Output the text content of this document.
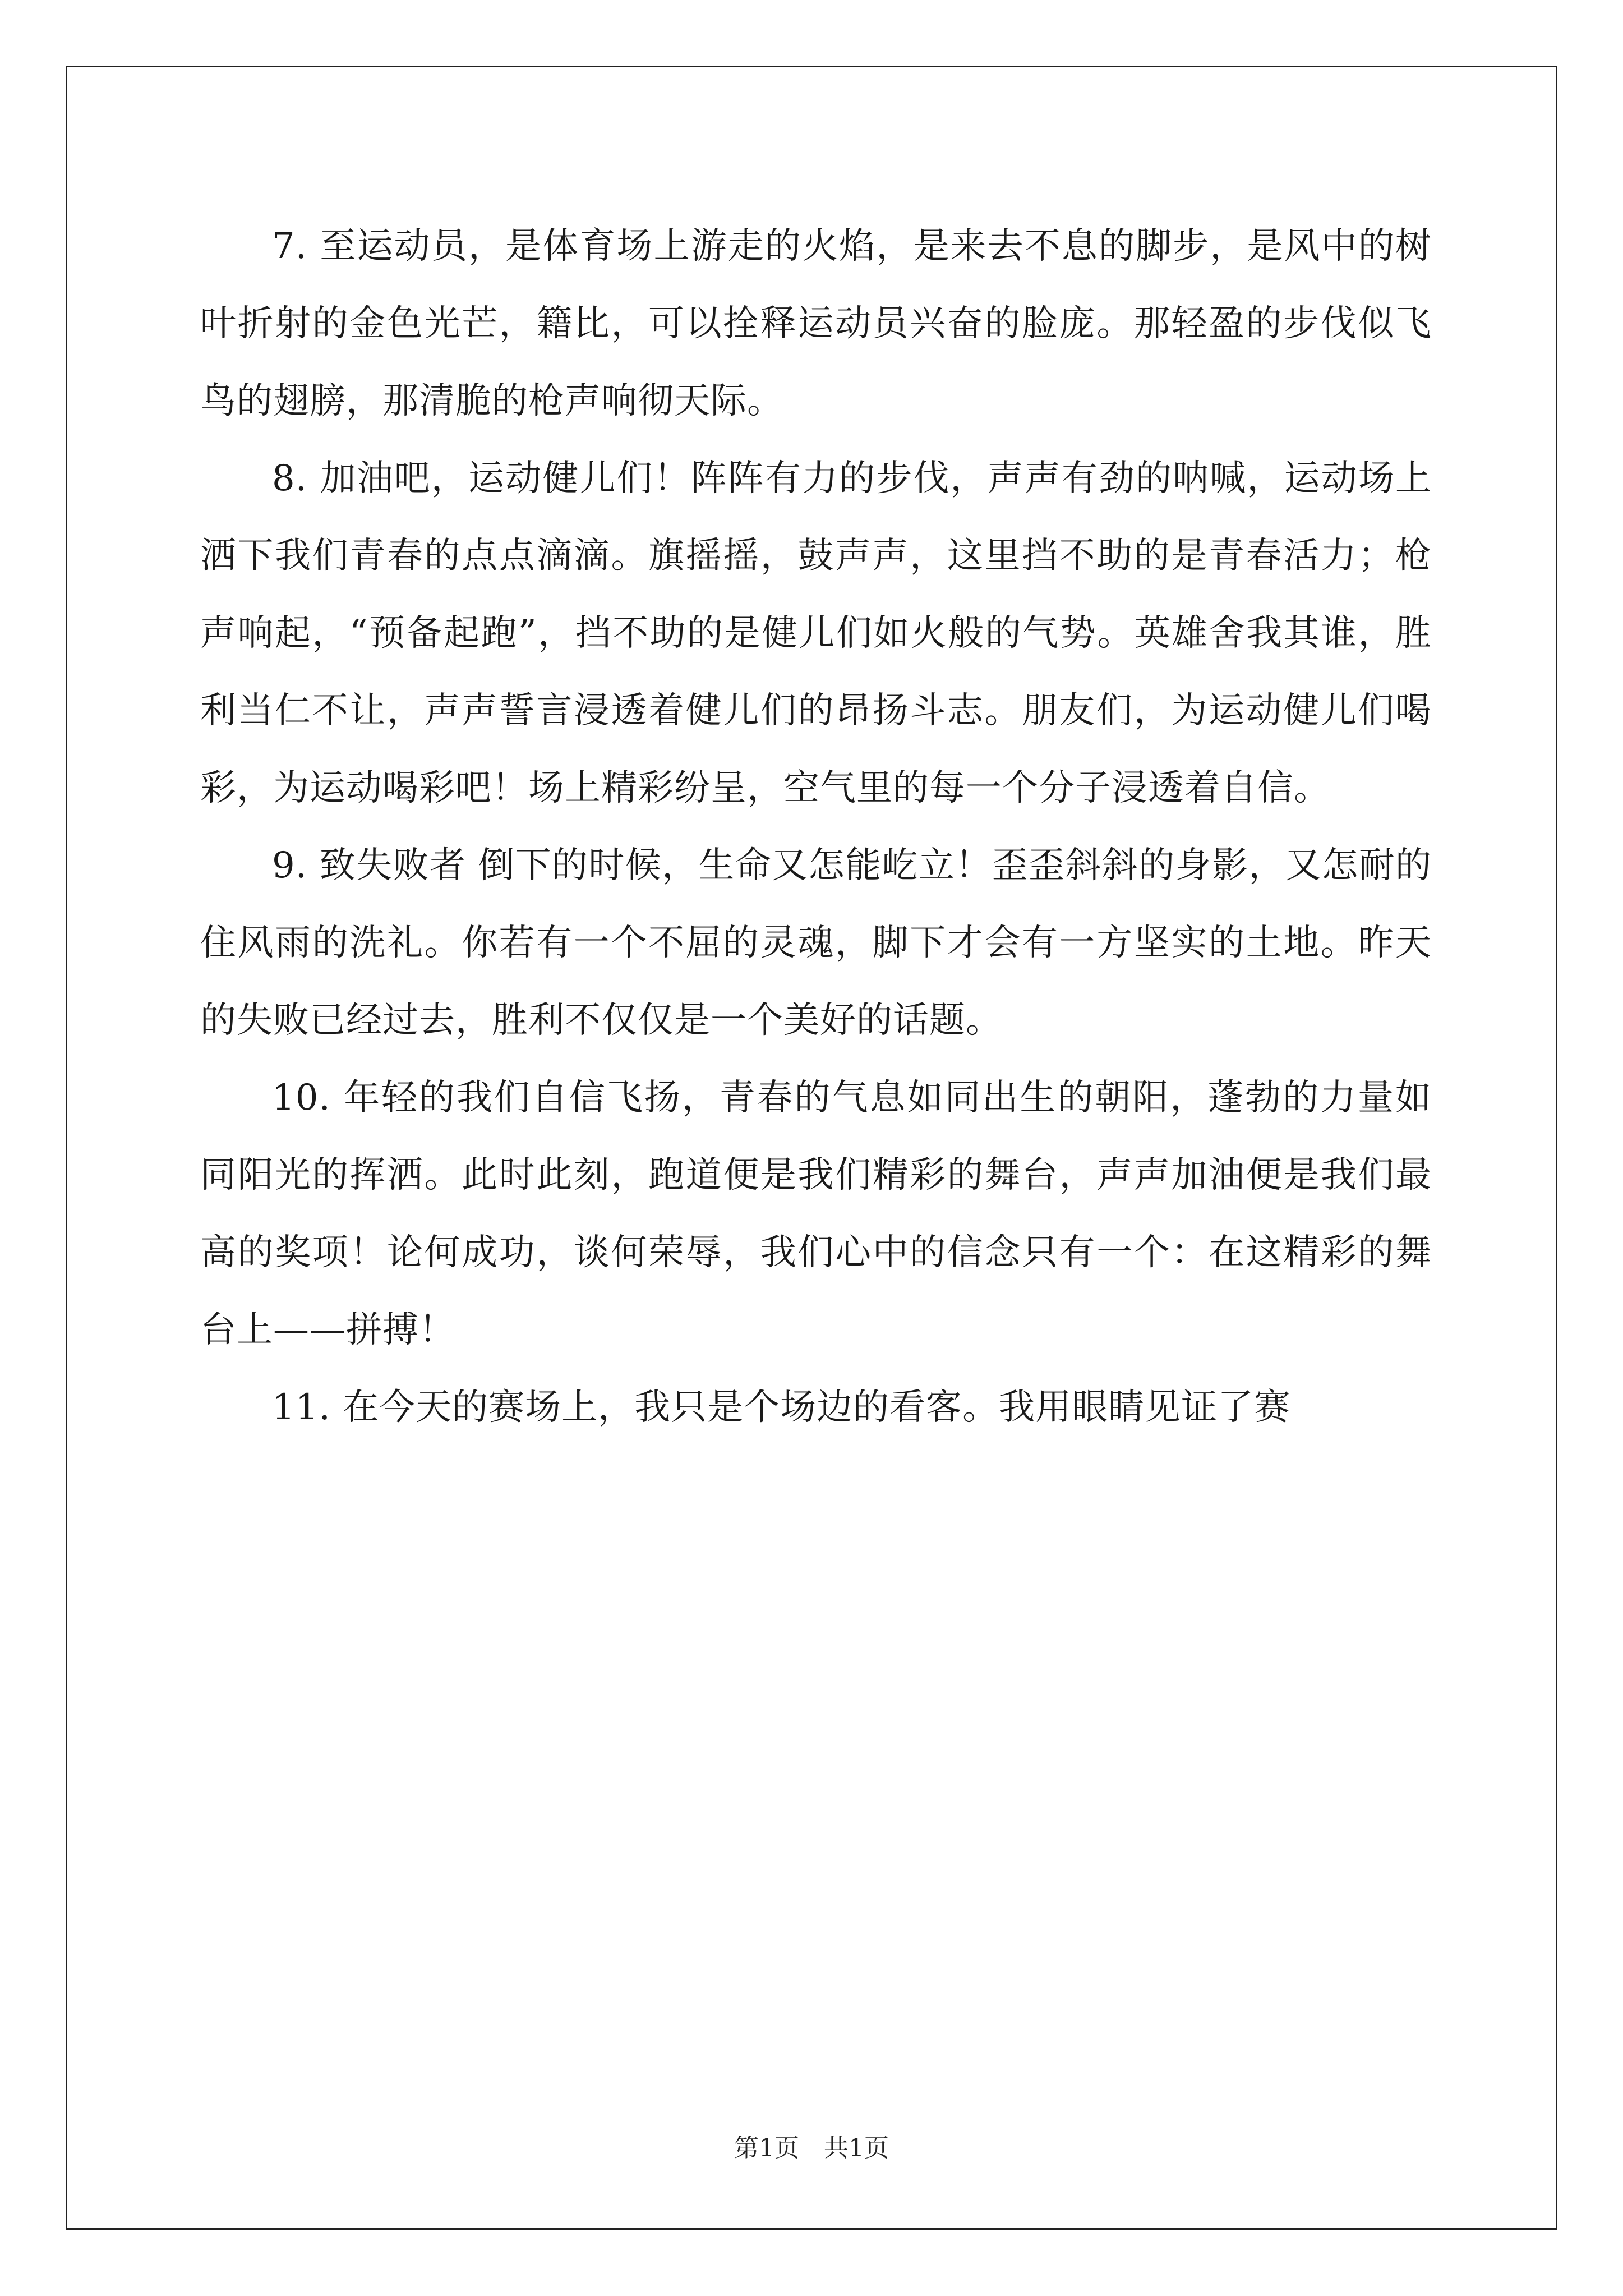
7. 至运动员，是体育场上游走的火焰，是来去不息的脚步，是风中的树叶折射的金色光芒，籍比，可以拴释运动员兴奋的脸庞。那轻盈的步伐似飞鸟的翅膀，那清脆的枪声响彻天际。

8. 加油吧，运动健儿们！阵阵有力的步伐，声声有劲的呐喊，运动场上洒下我们青春的点点滴滴。旗摇摇，鼓声声，这里挡不助的是青春活力；枪声响起，“预备起跑”，挡不助的是健儿们如火般的气势。英雄舍我其谁，胜利当仁不让，声声誓言浸透着健儿们的昂扬斗志。朋友们，为运动健儿们喝彩，为运动喝彩吧！场上精彩纷呈，空气里的每一个分子浸透着自信。

9. 致失败者 倒下的时候，生命又怎能屹立！歪歪斜斜的身影，又怎耐的住风雨的洗礼。你若有一个不屈的灵魂，脚下才会有一方坚实的土地。昨天的失败已经过去，胜利不仅仅是一个美好的话题。

10. 年轻的我们自信飞扬，青春的气息如同出生的朝阳，蓬勃的力量如同阳光的挥洒。此时此刻，跑道便是我们精彩的舞台，声声加油便是我们最高的奖项！论何成功，谈何荣辱，我们心中的信念只有一个：在这精彩的舞台上——拼搏！

11. 在今天的赛场上，我只是个场边的看客。我用眼睛见证了赛

第1页　共1页
